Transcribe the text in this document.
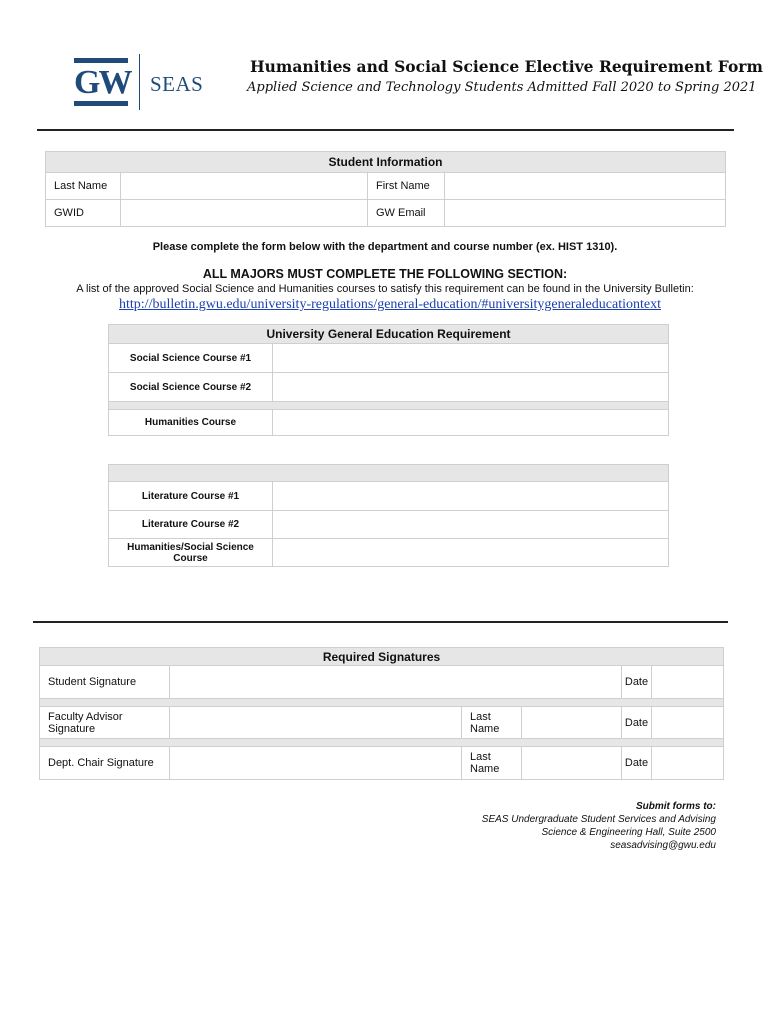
GW SEAS
Humanities and Social Science Elective Requirement Form
Applied Science and Technology Students Admitted Fall 2020 to Spring 2021
Student Information			
Last Name		First Name	
GWID		GW Email	
Please complete the form below with the department and course number (ex. HIST 1310).
ALL MAJORS MUST COMPLETE THE FOLLOWING SECTION:
A list of the approved Social Science and Humanities courses to satisfy this requirement can be found in the University Bulletin:
http://bulletin.gwu.edu/university-regulations/general-education/#universitygeneraleducationtext
University General Education Requirement	
Social Science Course #1	
Social Science Course #2	

Humanities Course	

Literature Course #1	
Literature Course #2	

Humanities/Social Science
Course	

Required Signatures					
Student Signature				Date	

Faculty Advisor Signature		Last Name		Date	

Dept. Chair Signature		Last Name		Date	
Submit forms to:
SEAS Undergraduate Student Services and Advising
Science & Engineering Hall, Suite 2500
seasadvising@gwu.edu
